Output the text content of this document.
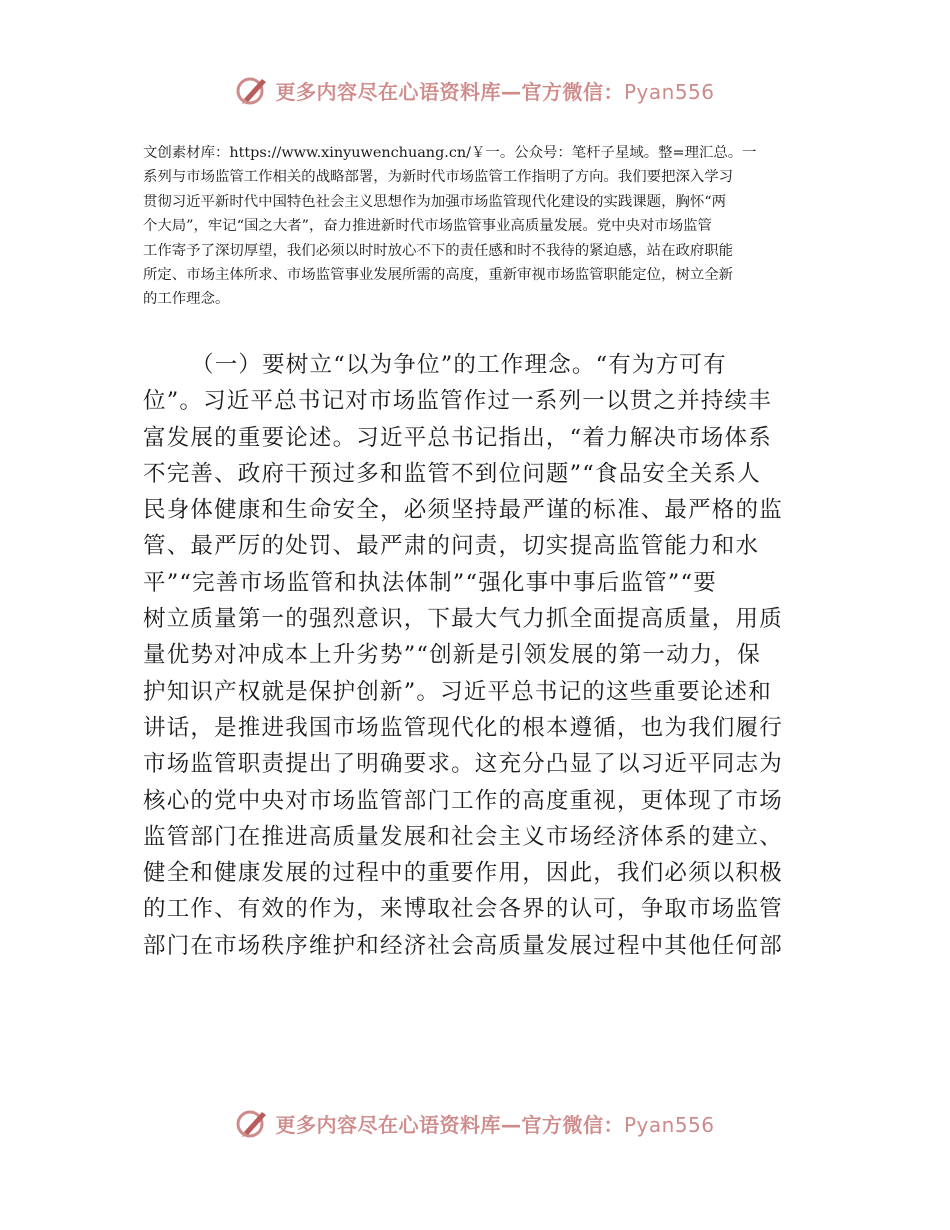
更多内容尽在心语资料库—官方微信：Pyan556
文创素材库：https://www.xinyuwenchuang.cn/￥一。公众号：笔杆子星域。整=理汇总。一
系列与市场监管工作相关的战略部署，为新时代市场监管工作指明了方向。我们要把深入学习
贯彻习近平新时代中国特色社会主义思想作为加强市场监管现代化建设的实践课题，胸怀“两
个大局”，牢记“国之大者”，奋力推进新时代市场监管事业高质量发展。党中央对市场监管
工作寄予了深切厚望，我们必须以时时放心不下的责任感和时不我待的紧迫感，站在政府职能
所定、市场主体所求、市场监管事业发展所需的高度，重新审视市场监管职能定位，树立全新
的工作理念。
（一）要树立“以为争位”的工作理念。“有为方可有
位”。习近平总书记对市场监管作过一系列一以贯之并持续丰
富发展的重要论述。习近平总书记指出，“着力解决市场体系
不完善、政府干预过多和监管不到位问题”“食品安全关系人
民身体健康和生命安全，必须坚持最严谨的标准、最严格的监
管、最严厉的处罚、最严肃的问责，切实提高监管能力和水
平”“完善市场监管和执法体制”“强化事中事后监管”“要
树立质量第一的强烈意识，下最大气力抓全面提高质量，用质
量优势对冲成本上升劣势”“创新是引领发展的第一动力，保
护知识产权就是保护创新”。习近平总书记的这些重要论述和
讲话，是推进我国市场监管现代化的根本遵循，也为我们履行
市场监管职责提出了明确要求。这充分凸显了以习近平同志为
核心的党中央对市场监管部门工作的高度重视，更体现了市场
监管部门在推进高质量发展和社会主义市场经济体系的建立、
健全和健康发展的过程中的重要作用，因此，我们必须以积极
的工作、有效的作为，来博取社会各界的认可，争取市场监管
部门在市场秩序维护和经济社会高质量发展过程中其他任何部
更多内容尽在心语资料库—官方微信：Pyan556
